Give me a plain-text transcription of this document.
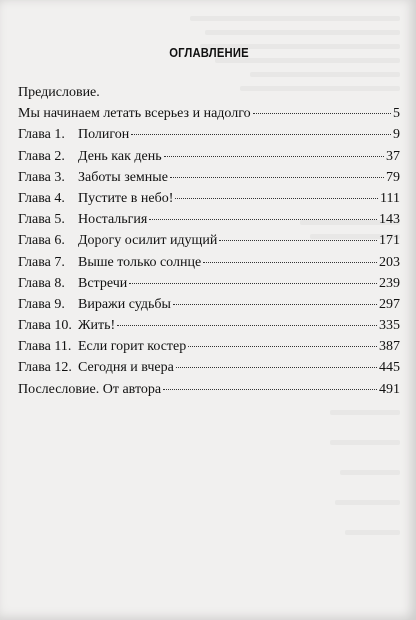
ОГЛАВЛЕНИЕ
Предисловие.
Мы начинаем летать всерьез и надолго	5
Глава 1. Полигон	9
Глава 2. День как день	37
Глава 3. Заботы земные	79
Глава 4. Пустите в небо!	111
Глава 5. Ностальгия	143
Глава 6. Дорогу осилит идущий	171
Глава 7. Выше только солнце	203
Глава 8. Встречи	239
Глава 9. Виражи судьбы	297
Глава 10. Жить!	335
Глава 11. Если горит костер	387
Глава 12. Сегодня и вчера	445
Послесловие. От автора	491
